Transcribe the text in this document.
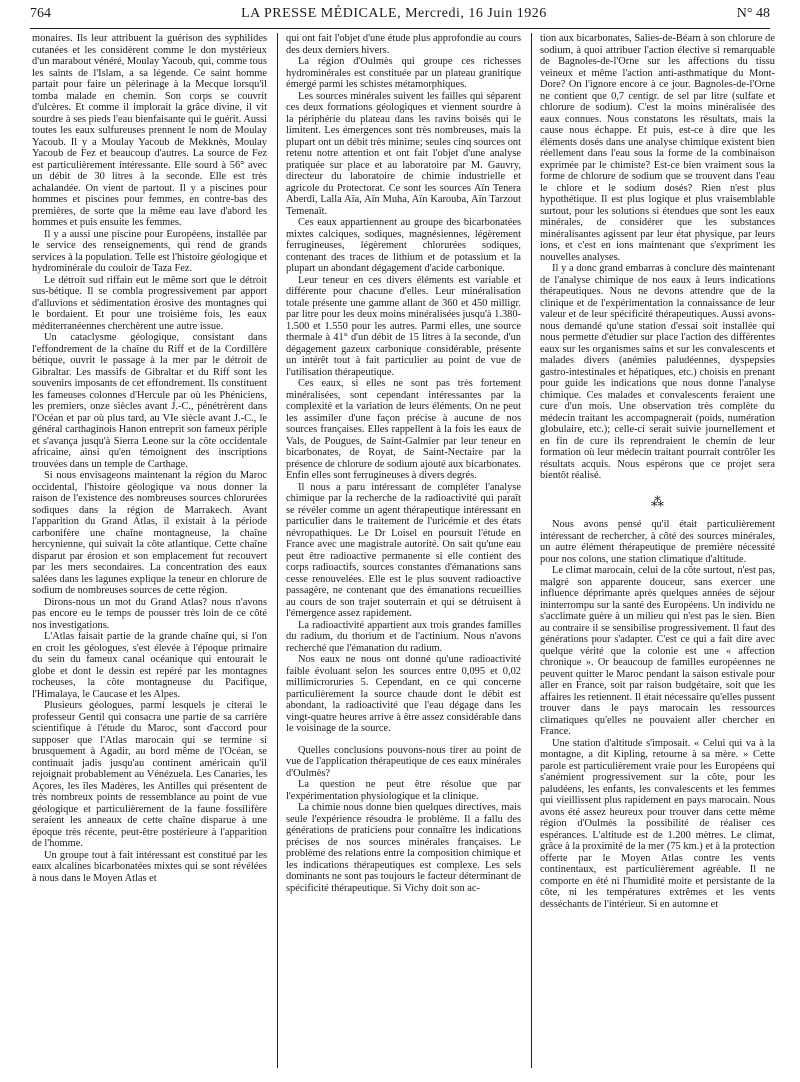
764	LA PRESSE MÉDICALE, Mercredi, 16 Juin 1926	N° 48

monaires. Ils leur attribuent la guérison des syphilides cutanées et les considèrent comme le don mystérieux d'un marabout vénéré, Moulay Yacoub, qui, comme tous les saints de l'Islam, a sa légende. Ce saint homme partait pour faire un pèlerinage à la Mecque lorsqu'il tomba malade en chemin. Son corps se couvrit d'ulcères. Et comme il implorait la grâce divine, il vit sourdre à ses pieds l'eau bienfaisante qui le guérit. Aussi toutes les eaux sulfureuses prennent le nom de Moulay Yacoub. Il y a Moulay Yacoub de Mekknès, Moulay Yacoub de Fez et beaucoup d'autres. La source de Fez est particulièrement intéressante. Elle sourd à 56° avec un débit de 30 litres à la seconde. Elle est très achalandée. On vient de partout. Il y a piscines pour hommes et piscines pour femmes, en contre-bas des premières, de sorte que la même eau lave d'abord les hommes et puis ensuite les femmes.

Il y a aussi une piscine pour Européens, installée par le service des renseignements, qui rend de grands services à la population. Telle est l'histoire géologique et hydrominérale du couloir de Taza Fez.

Le détroit sud riffain eut le même sort que le détroit sus-bétique. Il se combla progressivement par apport d'alluvions et sédimentation érosive des montagnes qui le bordaient. Et pour une troisième fois, les eaux méditerranéennes cherchèrent une autre issue.

Un cataclysme géologique, consistant dans l'effondrement de la chaîne du Riff et de la Cordillère bétique, ouvrit le passage à la mer par le détroit de Gibraltar. Les massifs de Gibraltar et du Riff sont les souvenirs imposants de cet effondrement. Ils constituent les fameuses colonnes d'Hercule par où les Phéniciens, les premiers, onze siècles avant J.-C., pénétrèrent dans l'Océan et par où plus tard, au VIe siècle avant J.-C., le général carthaginois Hanon entreprit son fameux périple et s'avança jusqu'à Sierra Leone sur la côte occidentale africaine, ainsi qu'en témoignent des inscriptions trouvées dans un temple de Carthage.

Si nous envisageons maintenant la région du Maroc occidental, l'histoire géologique va nous donner la raison de l'existence des nombreuses sources chlorurées sodiques dans la région de Marrakech. Avant l'apparition du Grand Atlas, il existait à la période carbonifère une chaîne montagneuse, la chaîne hercynienne, qui suivait la côte atlantique. Cette chaîne disparut par érosion et son emplacement fut recouvert par les mers secondaires. La concentration des eaux salées dans les lagunes explique la teneur en chlorure de sodium de nombreuses sources de cette région.

Dirons-nous un mot du Grand Atlas? nous n'avons pas encore eu le temps de pousser très loin de ce côté nos investigations.

L'Atlas faisait partie de la grande chaîne qui, si l'on en croit les géologues, s'est élevée à l'époque primaire du sein du fameux canal océanique qui entourait le globe et dont le dessin est repéré par les montagnes rocheuses, la côte montagneuse du Pacifique, l'Himalaya, le Caucase et les Alpes.

Plusieurs géologues, parmi lesquels je citerai le professeur Gentil qui consacra une partie de sa carrière scientifique à l'étude du Maroc, sont d'accord pour supposer que l'Atlas marocain qui se termine si brusquement à Agadir, au bord même de l'Océan, se continuait jadis jusqu'au continent américain qu'il rejoignait probablement au Vénézuela. Les Canaries, les Açores, les îles Madères, les Antilles qui présentent de très nombreux points de ressemblance au point de vue géologique et particulièrement de la faune fossilifère seraient les anneaux de cette chaîne disparue à une époque très récente, peut-être postérieure à l'apparition de l'homme.

Un groupe tout à fait intéressant est constitué par les eaux alcalines bicarbonatées mixtes qui se sont révélées à nous dans le Moyen Atlas et

qui ont fait l'objet d'une étude plus approfondie au cours des deux derniers hivers.

La région d'Oulmès qui groupe ces richesses hydrominérales est constituée par un plateau granitique émergé parmi les schistes métamorphiques.

Les sources minérales suivent les failles qui séparent ces deux formations géologiques et viennent sourdre à la périphérie du plateau dans les ravins boisés qui le limitent. Les émergences sont très nombreuses, mais la plupart ont un débit très minime; seules cinq sources ont retenu notre attention et ont fait l'objet d'une analyse pratiquée sur place et au laboratoire par M. Gauvry, directeur du laboratoire de chimie industrielle et agricole du Protectorat. Ce sont les sources Aïn Tenera Aberdi, Lalla Aïa, Aïn Muha, Aïn Karouba, Aïn Tarzout Temenaït.

Ces eaux appartiennent au groupe des bicarbonatées mixtes calciques, sodiques, magnésiennes, légèrement ferrugineuses, légèrement chlorurées sodiques, contenant des traces de lithium et de potassium et la plupart un abondant dégagement d'acide carbonique.

Leur teneur en ces divers éléments est variable et différente pour chacune d'elles. Leur minéralisation totale présente une gamme allant de 360 et 450 milligr. par litre pour les deux moins minéralisées jusqu'à 1.380-1.500 et 1.550 pour les autres. Parmi elles, une source thermale à 41° d'un débit de 15 litres à la seconde, d'un dégagement gazeux carbonique considérable, présente un intérêt tout à fait particulier au point de vue de l'utilisation thérapeutique.

Ces eaux, si elles ne sont pas très fortement minéralisées, sont cependant intéressantes par la complexité et la variation de leurs éléments. On ne peut les assimiler d'une façon précise à aucune de nos sources françaises. Elles rappellent à la fois les eaux de Vals, de Pougues, de Saint-Galmier par leur teneur en bicarbonates, de Royat, de Saint-Nectaire par la présence de chlorure de sodium ajouté aux bicarbonates. Enfin elles sont ferrugineuses à divers degrés.

Il nous a paru intéressant de compléter l'analyse chimique par la recherche de la radioactivité qui paraît se révéler comme un agent thérapeutique intéressant en particulier dans le traitement de l'uricémie et des états névropathiques. Le Dr Loisel en poursuit l'étude en France avec une magistrale autorité. On sait qu'une eau peut être radioactive permanente si elle contient des corps radioactifs, sources constantes d'émanations sans cesse renouvelées. Elle est le plus souvent radioactive passagère, ne contenant que des émanations recueillies au cours de son trajet souterrain et qui se détruisent à l'émergence assez rapidement.

La radioactivité appartient aux trois grandes familles du radium, du thorium et de l'actinium. Nous n'avons recherché que l'émanation du radium.

Nos eaux ne nous ont donné qu'une radioactivité faible évoluant selon les sources entre 0,095 et 0,02 millimicroruries 5. Cependant, en ce qui concerne particulièrement la source chaude dont le débit est abondant, la radioactivité que l'eau dégage dans les vingt-quatre heures arrive à être assez considérable dans le voisinage de la source.

Quelles conclusions pouvons-nous tirer au point de vue de l'application thérapeutique de ces eaux minérales d'Oulmès?

La question ne peut être résolue que par l'expérimentation physiologique et la clinique.

La chimie nous donne bien quelques directives, mais seule l'expérience résoudra le problème. Il a fallu des générations de praticiens pour connaître les indications précises de nos sources minérales françaises. Le problème des relations entre la composition chimique et les indications thérapeutiques est complexe. Les sels dominants ne sont pas toujours le facteur déterminant de spécificité thérapeutique. Si Vichy doit son ac-

tion aux bicarbonates, Salies-de-Béarn à son chlorure de sodium, à quoi attribuer l'action élective si remarquable de Bagnoles-de-l'Orne sur les affections du tissu veineux et même l'action anti-asthmatique du Mont-Dore? On l'ignore encore à ce jour. Bagnoles-de-l'Orne ne contient que 0,7 centigr. de sel par litre (sulfate et chlorure de sodium). C'est la moins minéralisée des eaux connues. Nous constatons les résultats, mais la cause nous échappe. Et puis, est-ce à dire que les éléments dosés dans une analyse chimique existent bien réellement dans l'eau sous la forme de la combinaison exprimée par le chimiste? Est-ce bien vraiment sous la forme de chlorure de sodium que se trouvent dans l'eau le chlore et le sodium dosés? Rien n'est plus hypothétique. Il est plus logique et plus vraisemblable surtout, pour les solutions si étendues que sont les eaux minérales, de considérer que les substances minéralisantes agissent par leur état physique, par leurs ions, et c'est en ions maintenant que s'expriment les nouvelles analyses.

Il y a donc grand embarras à conclure dès maintenant de l'analyse chimique de nos eaux à leurs indications thérapeutiques. Nous ne devons attendre que de la clinique et de l'expérimentation la connaissance de leur valeur et de leur spécificité thérapeutiques. Aussi avons-nous demandé qu'une station d'essai soit installée qui nous permette d'étudier sur place l'action des différentes eaux sur les organismes sains et sur les convalescents et malades divers (anémies paludéennes, dyspepsies gastro-intestinales et hépatiques, etc.) choisis en prenant pour guide les indications que nous donne l'analyse chimique. Ces malades et convalescents feraient une cure d'un mois. Une observation très complète du médecin traitant les accompagnerait (poids, numération globulaire, etc.); celle-ci serait suivie journellement et en fin de cure ils reprendraient le chemin de leur formation où leur médecin traitant pourrait contrôler les résultats acquis. Nous espérons que ce projet sera bientôt réalisé.

⁂

Nous avons pensé qu'il était particulièrement intéressant de rechercher, à côté des sources minérales, un autre élément thérapeutique de première nécessité pour nos colons, une station climatique d'altitude.

Le climat marocain, celui de la côte surtout, n'est pas, malgré son apparente douceur, sans exercer une influence déprimante après quelques années de séjour ininterrompu sur la santé des Européens. Un individu ne s'acclimate guère à un milieu qui n'est pas le sien. Bien au contraire il se sensibilise progressivement. Il faut des générations pour s'adapter. C'est ce qui a fait dire avec quelque vérité que la colonie est une « affection chronique ». Or beaucoup de familles européennes ne peuvent quitter le Maroc pendant la saison estivale pour aller en France, soit par raison budgétaire, soit que les affaires les retiennent. Il était nécessaire qu'elles pussent trouver dans le pays marocain les ressources climatiques qu'elles ne pouvaient aller chercher en France.

Une station d'altitude s'imposait. « Celui qui va à la montagne, a dit Kipling, retourne à sa mère. » Cette parole est particulièrement vraie pour les Européens qui s'anémient progressivement sur la côte, pour les paludéens, les enfants, les convalescents et les femmes qui vieillissent plus rapidement en pays marocain. Nous avons été assez heureux pour trouver dans cette même région d'Oulmès la possibilité de réaliser ces espérances. L'altitude est de 1.200 mètres. Le climat, grâce à la proximité de la mer (75 km.) et à la protection offerte par le Moyen Atlas contre les vents continentaux, est particulièrement agréable. Il ne comporte en été ni l'humidité moite et persistante de la côte, ni les températures extrêmes et les vents desséchants de l'intérieur. Si en automne et
